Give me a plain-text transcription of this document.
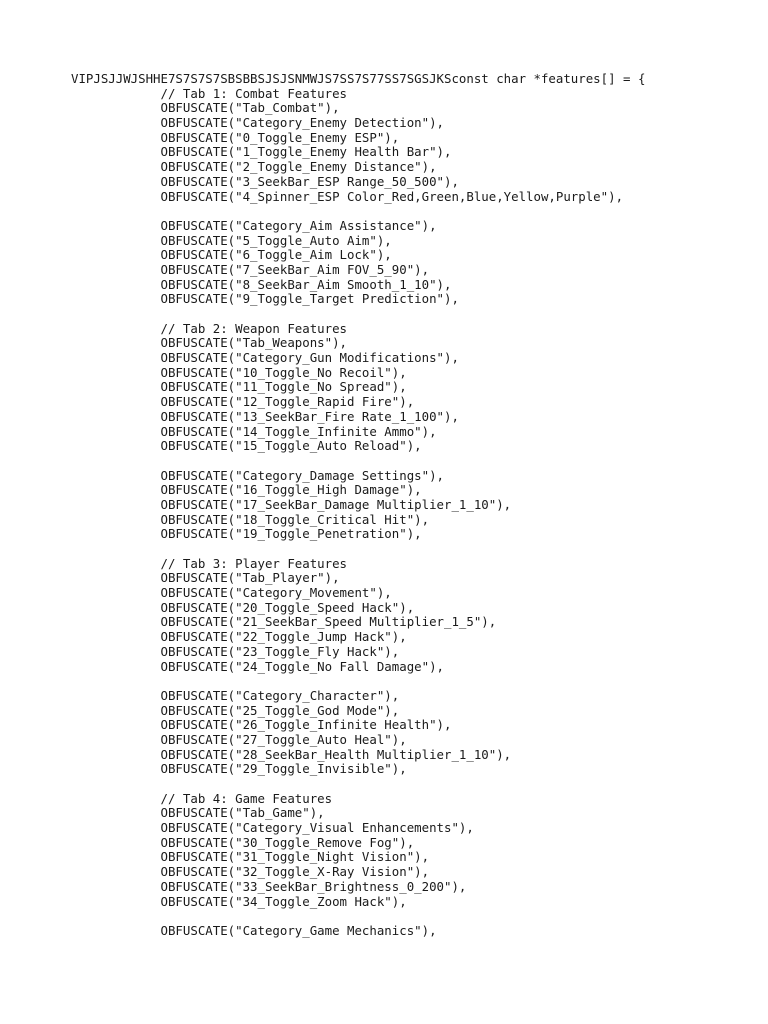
VIPJSJJWJSHHE7S7S7S7SBSBBSJSJSNMWJS7SS7S77SS7SGSJKSconst char *features[] = {
// Tab 1: Combat Features
OBFUSCATE("Tab_Combat"),
OBFUSCATE("Category_Enemy Detection"),
OBFUSCATE("0_Toggle_Enemy ESP"),
OBFUSCATE("1_Toggle_Enemy Health Bar"),
OBFUSCATE("2_Toggle_Enemy Distance"),
OBFUSCATE("3_SeekBar_ESP Range_50_500"),
OBFUSCATE("4_Spinner_ESP Color_Red,Green,Blue,Yellow,Purple"),

OBFUSCATE("Category_Aim Assistance"),
OBFUSCATE("5_Toggle_Auto Aim"),
OBFUSCATE("6_Toggle_Aim Lock"),
OBFUSCATE("7_SeekBar_Aim FOV_5_90"),
OBFUSCATE("8_SeekBar_Aim Smooth_1_10"),
OBFUSCATE("9_Toggle_Target Prediction"),

// Tab 2: Weapon Features
OBFUSCATE("Tab_Weapons"),
OBFUSCATE("Category_Gun Modifications"),
OBFUSCATE("10_Toggle_No Recoil"),
OBFUSCATE("11_Toggle_No Spread"),
OBFUSCATE("12_Toggle_Rapid Fire"),
OBFUSCATE("13_SeekBar_Fire Rate_1_100"),
OBFUSCATE("14_Toggle_Infinite Ammo"),
OBFUSCATE("15_Toggle_Auto Reload"),

OBFUSCATE("Category_Damage Settings"),
OBFUSCATE("16_Toggle_High Damage"),
OBFUSCATE("17_SeekBar_Damage Multiplier_1_10"),
OBFUSCATE("18_Toggle_Critical Hit"),
OBFUSCATE("19_Toggle_Penetration"),

// Tab 3: Player Features
OBFUSCATE("Tab_Player"),
OBFUSCATE("Category_Movement"),
OBFUSCATE("20_Toggle_Speed Hack"),
OBFUSCATE("21_SeekBar_Speed Multiplier_1_5"),
OBFUSCATE("22_Toggle_Jump Hack"),
OBFUSCATE("23_Toggle_Fly Hack"),
OBFUSCATE("24_Toggle_No Fall Damage"),

OBFUSCATE("Category_Character"),
OBFUSCATE("25_Toggle_God Mode"),
OBFUSCATE("26_Toggle_Infinite Health"),
OBFUSCATE("27_Toggle_Auto Heal"),
OBFUSCATE("28_SeekBar_Health Multiplier_1_10"),
OBFUSCATE("29_Toggle_Invisible"),

// Tab 4: Game Features
OBFUSCATE("Tab_Game"),
OBFUSCATE("Category_Visual Enhancements"),
OBFUSCATE("30_Toggle_Remove Fog"),
OBFUSCATE("31_Toggle_Night Vision"),
OBFUSCATE("32_Toggle_X-Ray Vision"),
OBFUSCATE("33_SeekBar_Brightness_0_200"),
OBFUSCATE("34_Toggle_Zoom Hack"),

OBFUSCATE("Category_Game Mechanics"),
